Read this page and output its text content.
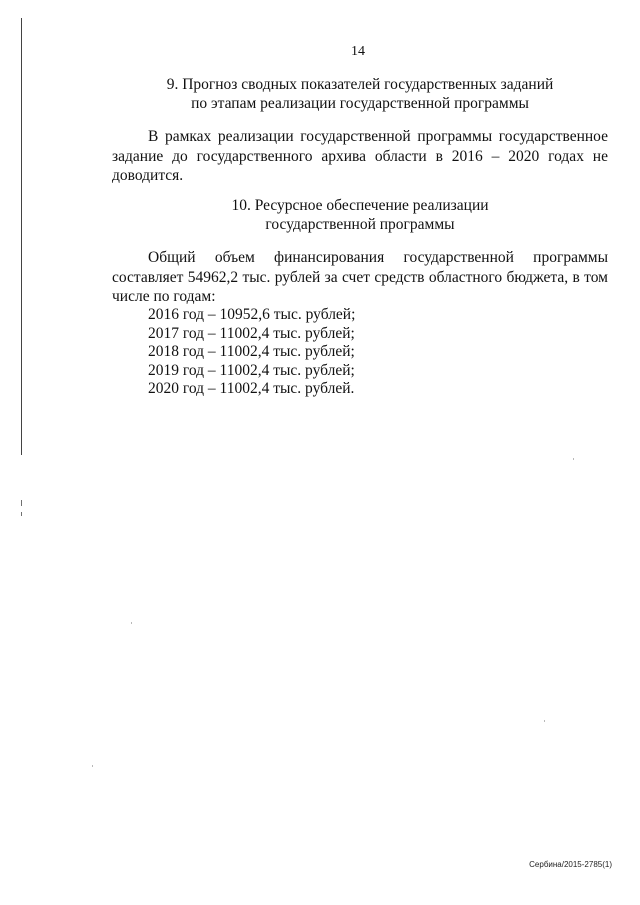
14
9. Прогноз сводных показателей государственных заданий
по этапам реализации государственной программы
В рамках реализации государственной программы государственное задание до государственного архива области в 2016 – 2020 годах не доводится.
10. Ресурсное обеспечение реализации
государственной программы
Общий объем финансирования государственной программы составляет 54962,2 тыс. рублей за счет средств областного бюджета, в том числе по годам:
2016 год – 10952,6 тыс. рублей;
2017 год – 11002,4 тыс. рублей;
2018 год – 11002,4 тыс. рублей;
2019 год – 11002,4 тыс. рублей;
2020 год – 11002,4 тыс. рублей.
Сербина/2015-2785(1)
